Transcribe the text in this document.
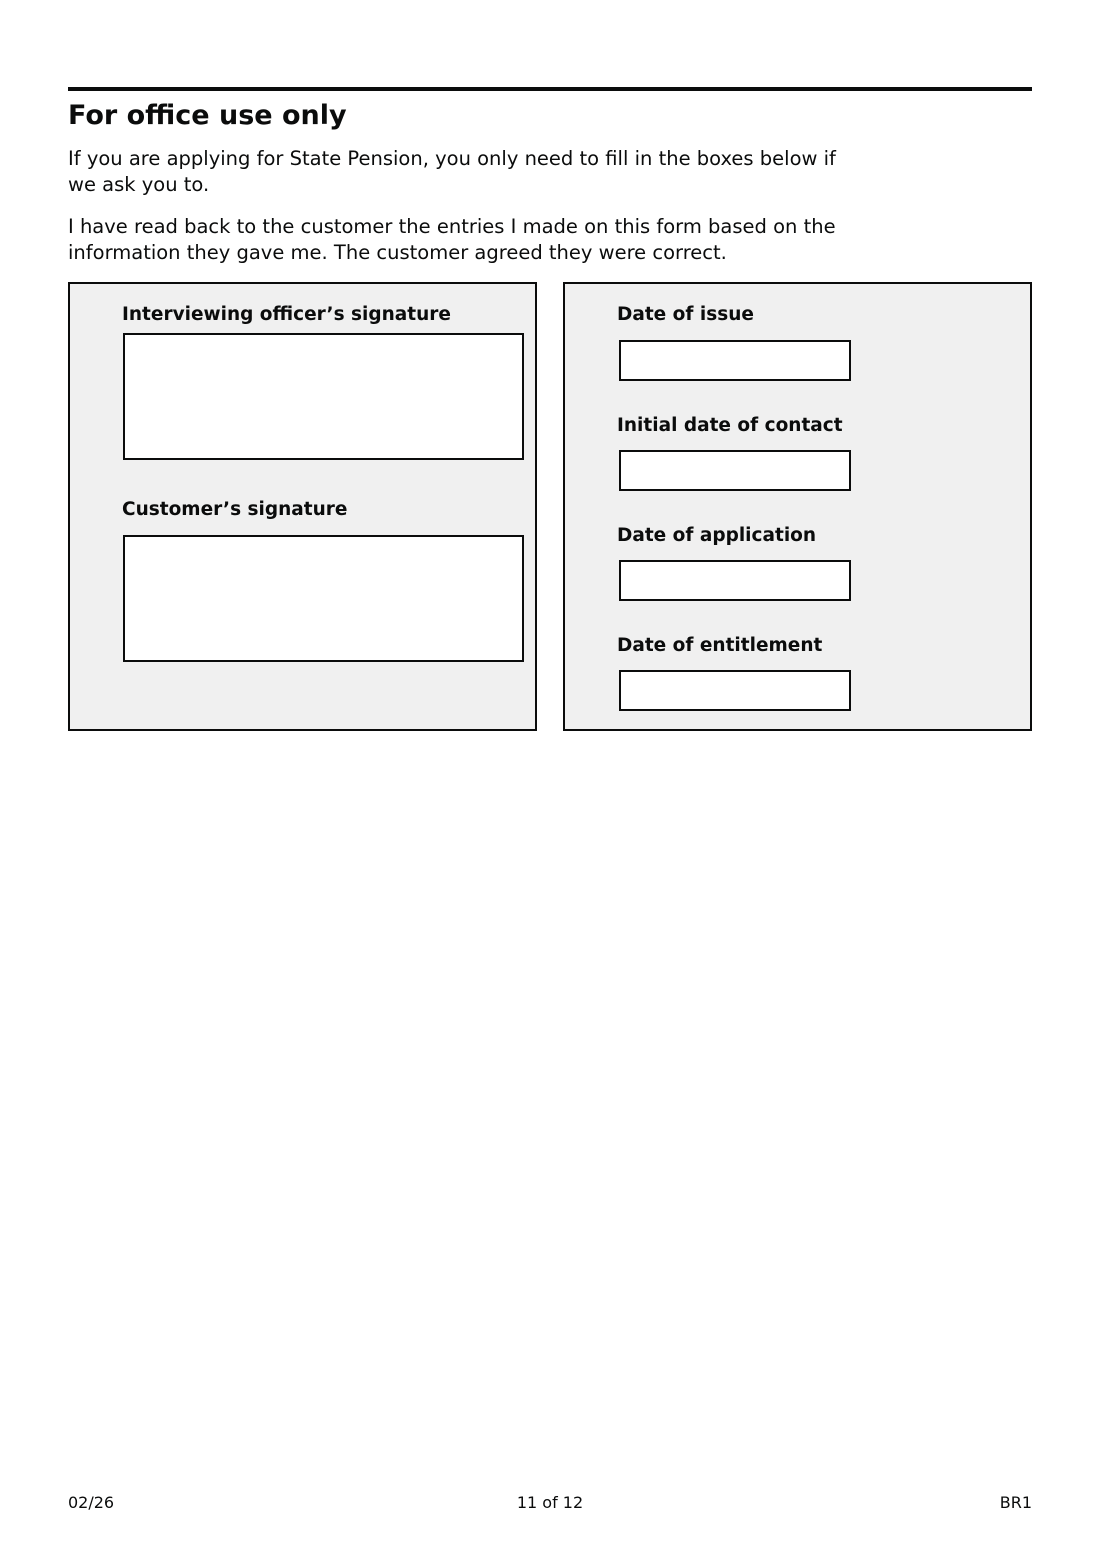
For office use only

If you are applying for State Pension, you only need to fill in the boxes below if we ask you to.

I have read back to the customer the entries I made on this form based on the information they gave me. The customer agreed they were correct.

Interviewing officer’s signature
Customer’s signature
Date of issue
Initial date of contact
Date of application
Date of entitlement
02/26	11 of 12	BR1
